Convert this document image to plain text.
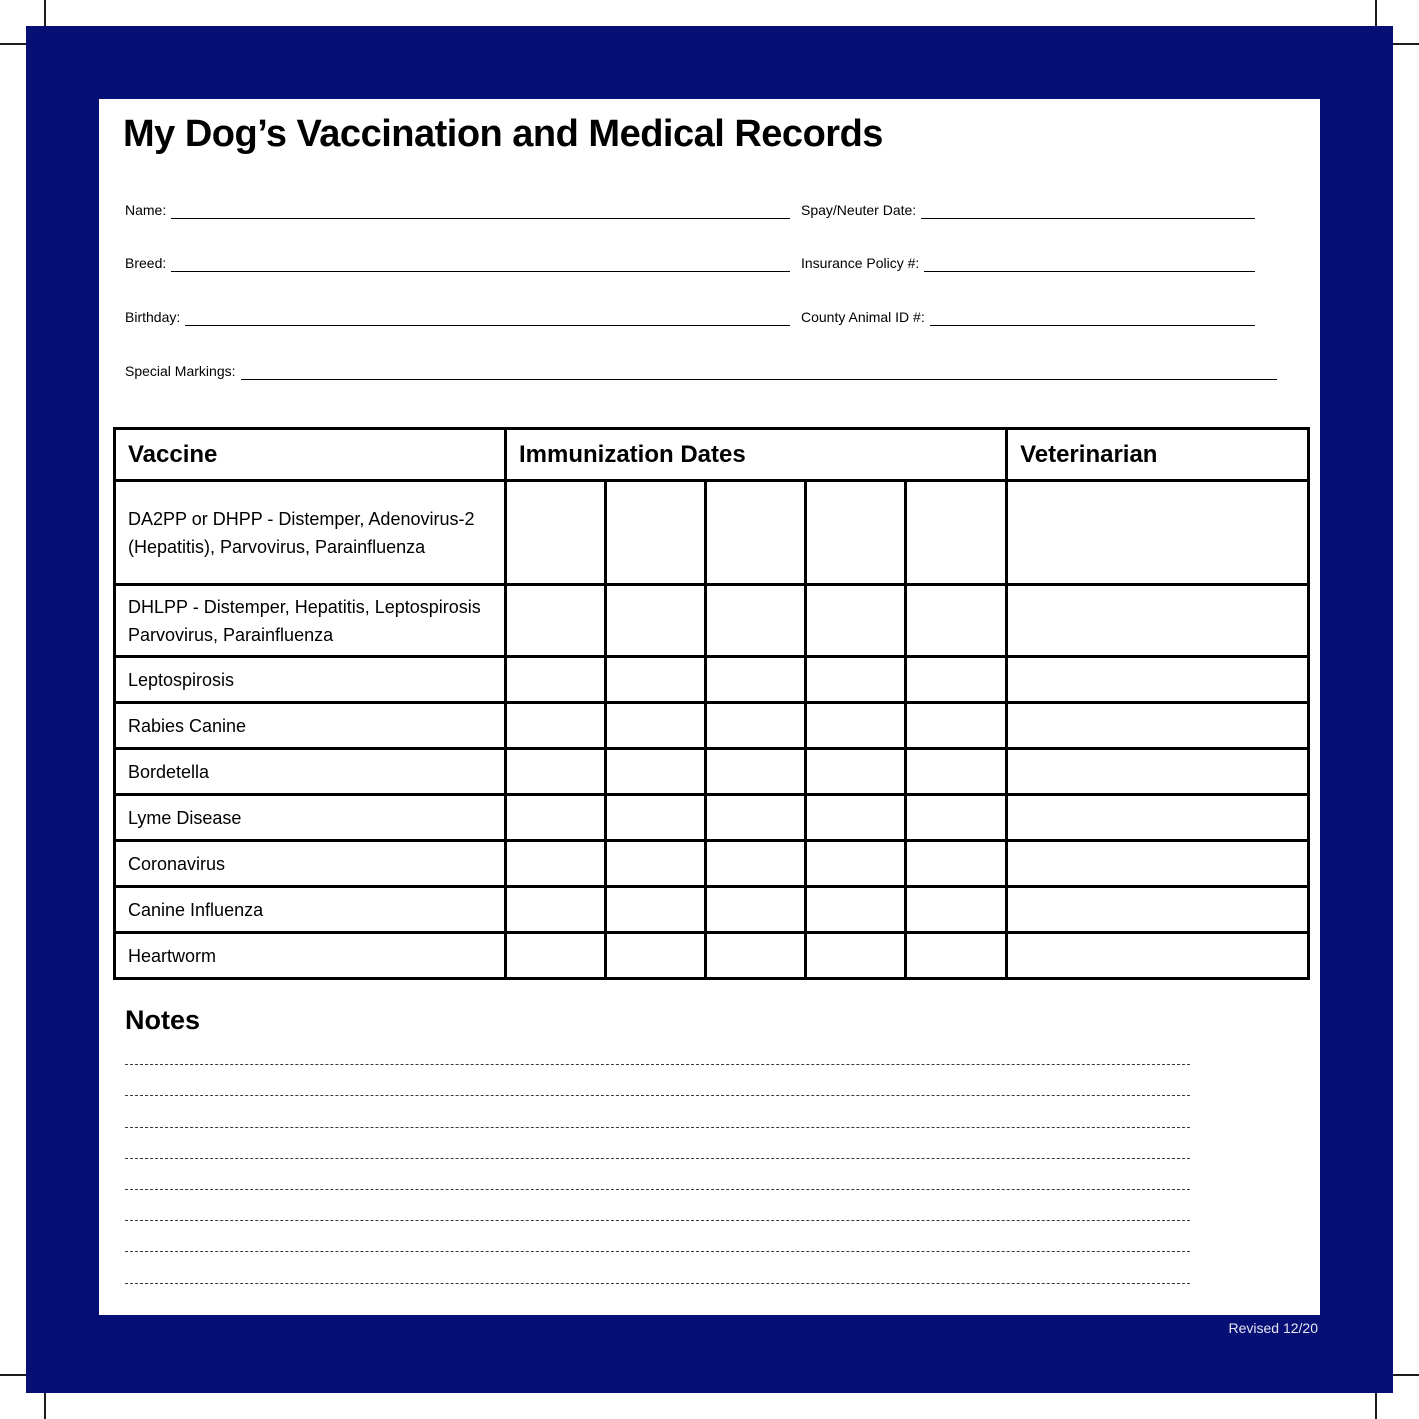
My Dog’s Vaccination and Medical Records
Name:	Spay/Neuter Date:
Breed:	Insurance Policy #:
Birthday:	County Animal ID #:
Special Markings:
Vaccine	Immunization Dates					Veterinarian
DA2PP or DHPP - Distemper, Adenovirus-2 (Hepatitis), Parvovirus, Parainfluenza						
DHLPP - Distemper, Hepatitis, Leptospirosis Parvovirus, Parainfluenza						
Leptospirosis						
Rabies Canine						
Bordetella						
Lyme Disease						
Coronavirus						
Canine Influenza						
Heartworm						
Notes
Revised 12/20
